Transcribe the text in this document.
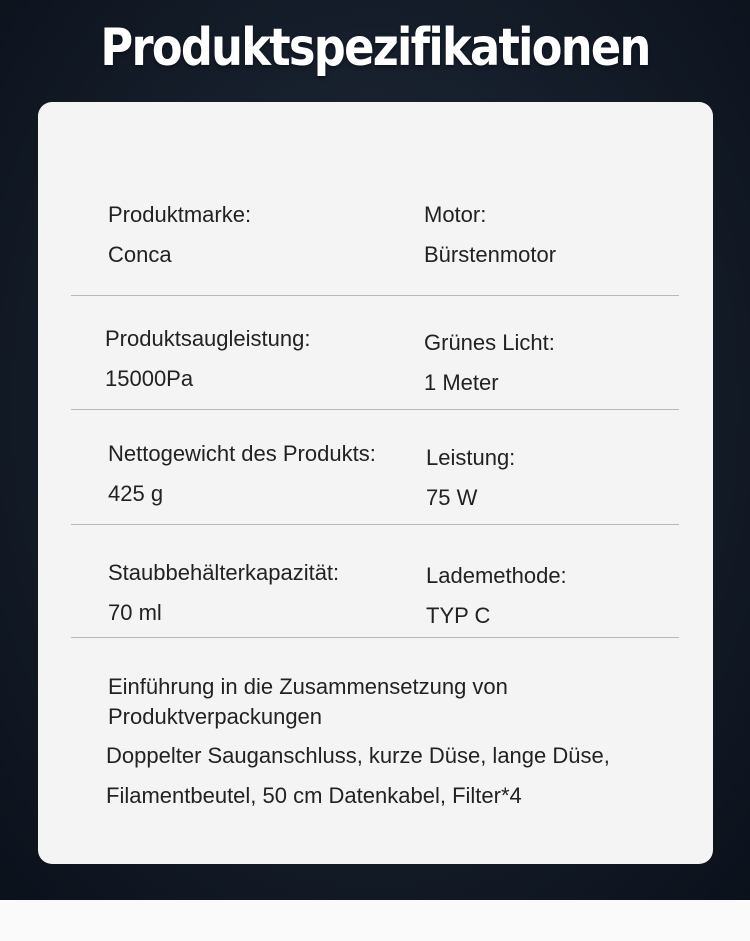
Produktspezifikationen
Produktmarke:
Conca
Motor:
Bürstenmotor
Produktsaugleistung:
15000Pa
Grünes Licht:
1 Meter
Nettogewicht des Produkts:
425 g
Leistung:
75 W
Staubbehälterkapazität:
70 ml
Lademethode:
TYP C
Einführung in die Zusammensetzung von Produktverpackungen
Doppelter Sauganschluss, kurze Düse, lange Düse,
Filamentbeutel, 50 cm Datenkabel, Filter*4
